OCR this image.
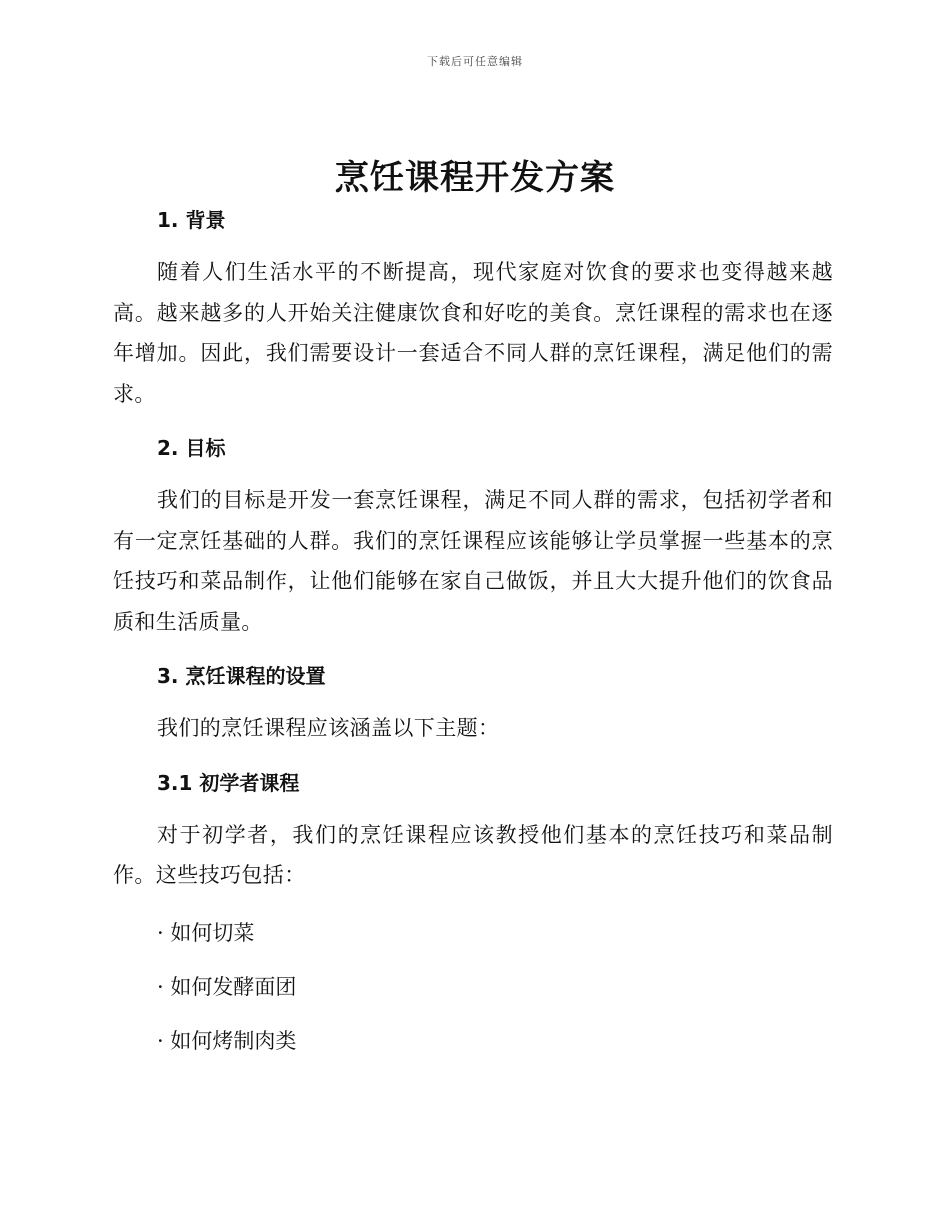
下载后可任意编辑
烹饪课程开发方案
1. 背景

随着人们生活水平的不断提高，现代家庭对饮食的要求也变得越来越高。越来越多的人开始关注健康饮食和好吃的美食。烹饪课程的需求也在逐年增加。因此，我们需要设计一套适合不同人群的烹饪课程，满足他们的需求。

2. 目标

我们的目标是开发一套烹饪课程，满足不同人群的需求，包括初学者和有一定烹饪基础的人群。我们的烹饪课程应该能够让学员掌握一些基本的烹饪技巧和菜品制作，让他们能够在家自己做饭，并且大大提升他们的饮食品质和生活质量。

3. 烹饪课程的设置

我们的烹饪课程应该涵盖以下主题：

3.1 初学者课程

对于初学者，我们的烹饪课程应该教授他们基本的烹饪技巧和菜品制作。这些技巧包括：

· 如何切菜

· 如何发酵面团

· 如何烤制肉类
